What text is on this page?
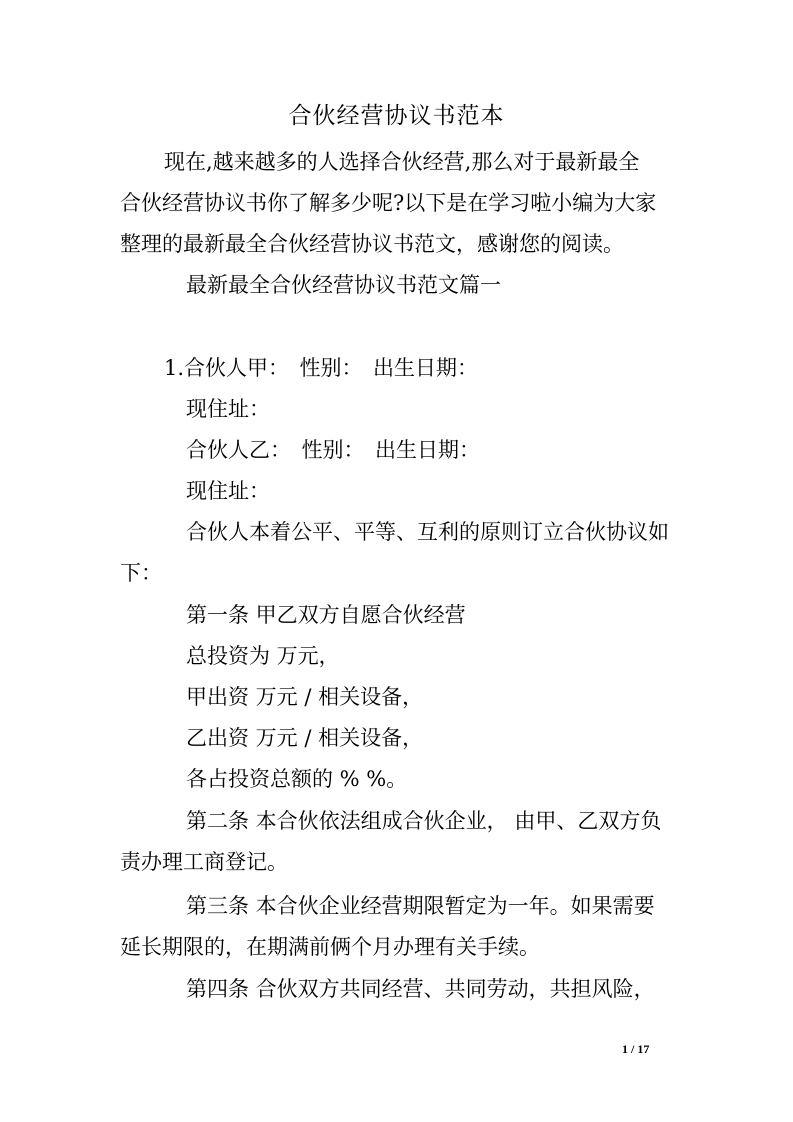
合伙经营协议书范本
现在,越来越多的人选择合伙经营,那么对于最新最全
合伙经营协议书你了解多少呢?以下是在学习啦小编为大家
整理的最新最全合伙经营协议书范文，感谢您的阅读。
最新最全合伙经营协议书范文篇一
1.合伙人甲：　性别：　出生日期：
现住址：
合伙人乙：　性别：　出生日期：
现住址：
合伙人本着公平、平等、互利的原则订立合伙协议如
下：
第一条 甲乙双方自愿合伙经营
总投资为 万元，
甲出资 万元 / 相关设备，
乙出资 万元 / 相关设备，
各占投资总额的 % %。
第二条 本合伙依法组成合伙企业， 由甲、乙双方负
责办理工商登记。
第三条 本合伙企业经营期限暂定为一年。如果需要
延长期限的，在期满前俩个月办理有关手续。
第四条 合伙双方共同经营、共同劳动，共担风险，
1 / 17
